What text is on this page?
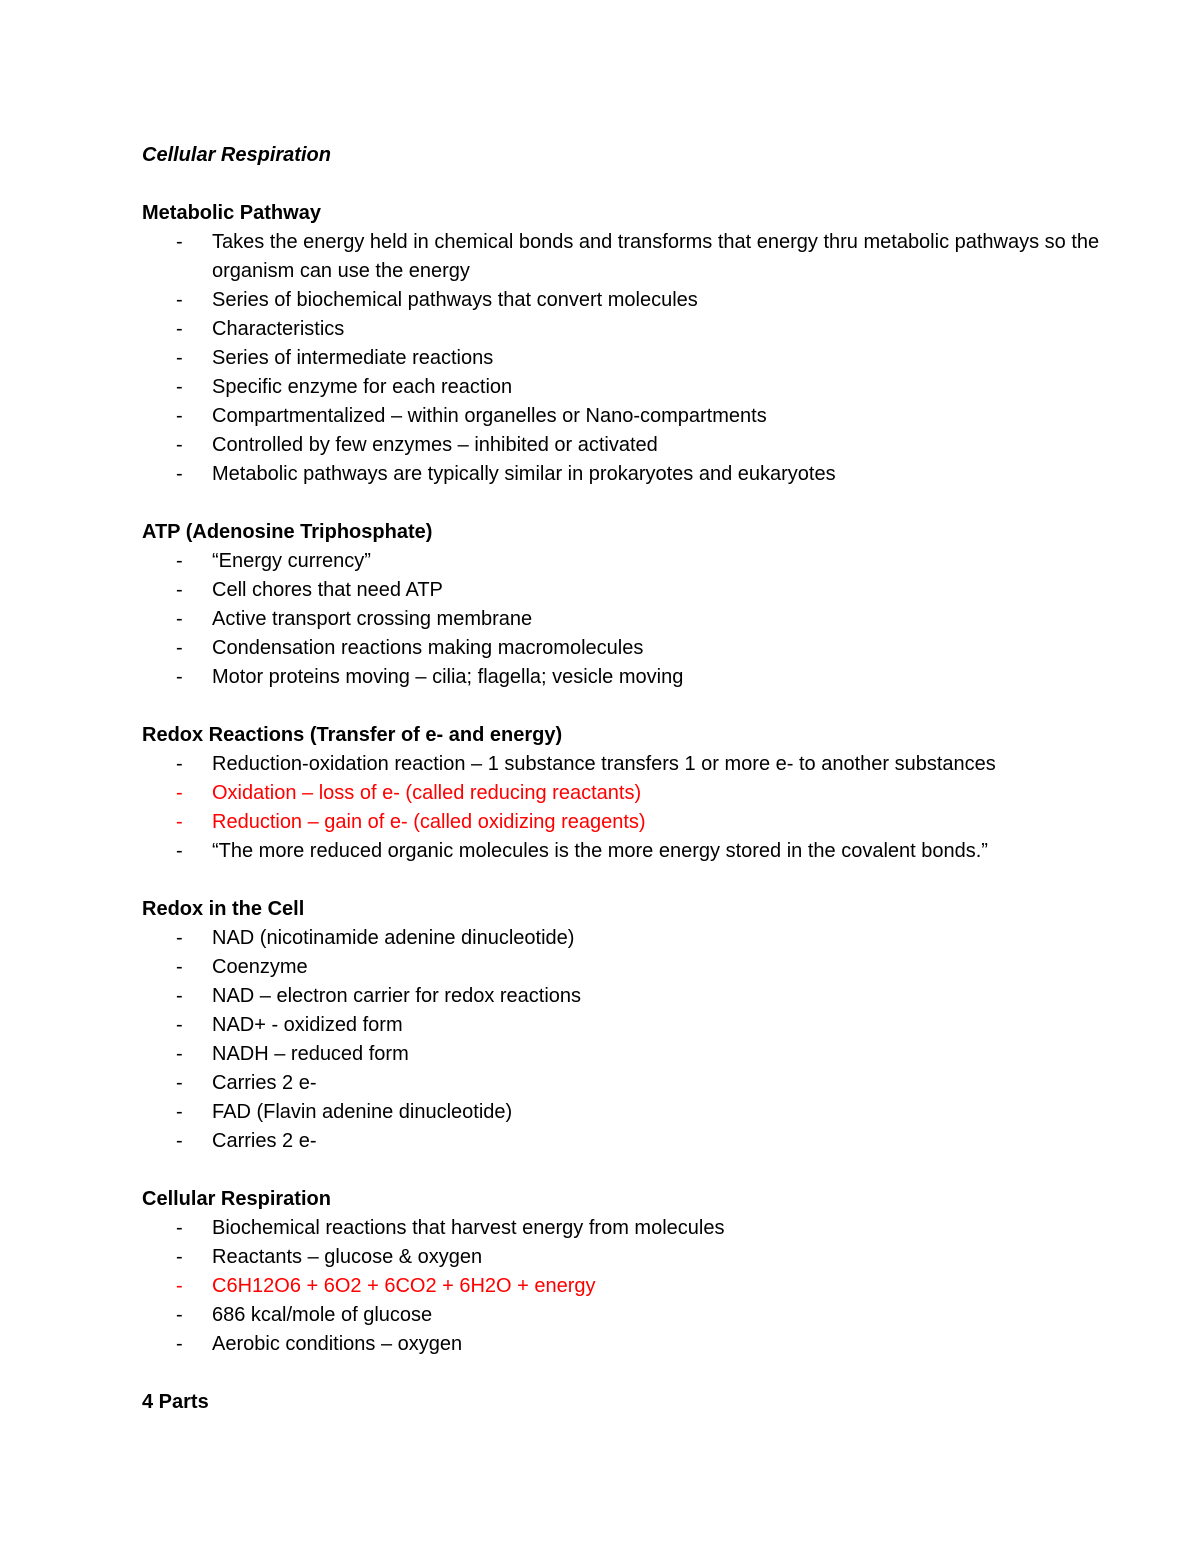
Cellular Respiration
Metabolic Pathway
- Takes the energy held in chemical bonds and transforms that energy thru metabolic pathways so the organism can use the energy
- Series of biochemical pathways that convert molecules
- Characteristics
- Series of intermediate reactions
- Specific enzyme for each reaction
- Compartmentalized – within organelles or Nano-compartments
- Controlled by few enzymes – inhibited or activated
- Metabolic pathways are typically similar in prokaryotes and eukaryotes
ATP (Adenosine Triphosphate)
- “Energy currency”
- Cell chores that need ATP
- Active transport crossing membrane
- Condensation reactions making macromolecules
- Motor proteins moving – cilia; flagella; vesicle moving
Redox Reactions (Transfer of e- and energy)
- Reduction-oxidation reaction – 1 substance transfers 1 or more e- to another substances
- Oxidation – loss of e- (called reducing reactants)
- Reduction – gain of e- (called oxidizing reagents)
- “The more reduced organic molecules is the more energy stored in the covalent bonds.”
Redox in the Cell
- NAD (nicotinamide adenine dinucleotide)
- Coenzyme
- NAD – electron carrier for redox reactions
- NAD+ - oxidized form
- NADH – reduced form
- Carries 2 e-
- FAD (Flavin adenine dinucleotide)
- Carries 2 e-
Cellular Respiration
- Biochemical reactions that harvest energy from molecules
- Reactants – glucose & oxygen
- C6H12O6 + 6O2 + 6CO2 + 6H2O + energy
- 686 kcal/mole of glucose
- Aerobic conditions – oxygen
4 Parts
